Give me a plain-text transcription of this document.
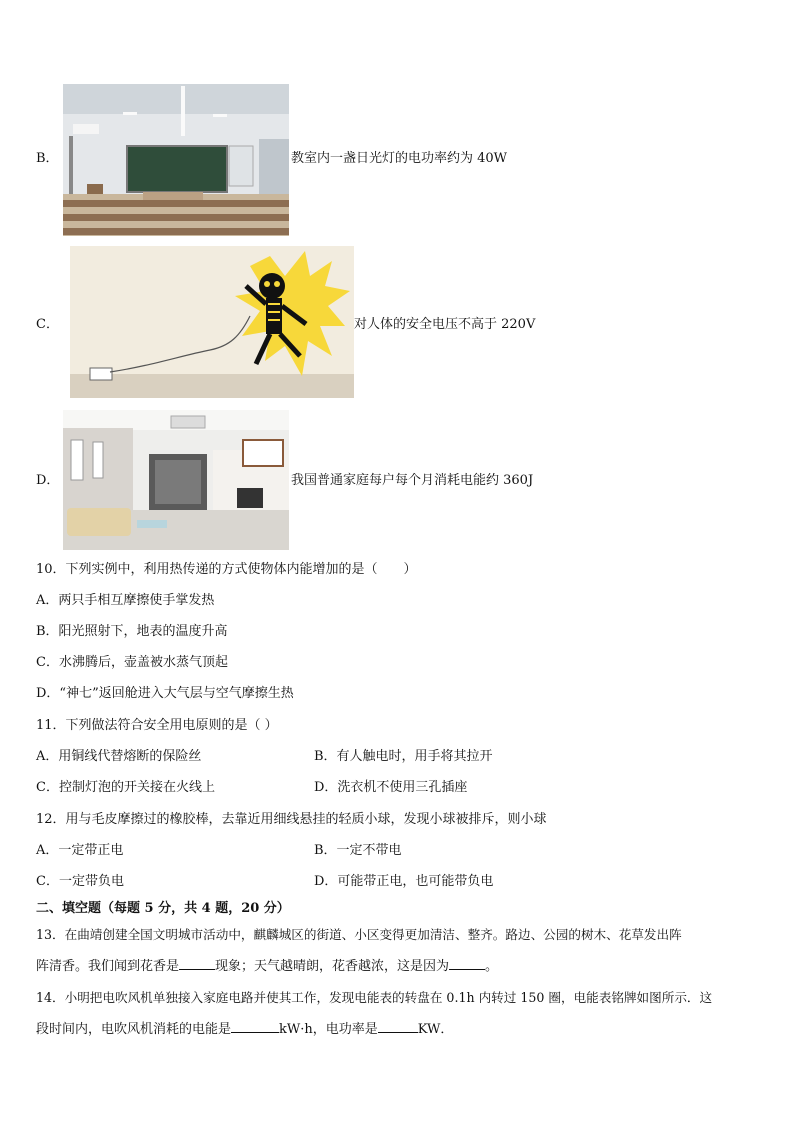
B．	教室内一盏日光灯的电功率约为 40W
C．	对人体的安全电压不高于 220V
D．	我国普通家庭每户每个月消耗电能约 360J
10．下列实例中，利用热传递的方式使物体内能增加的是（　　）
A．两只手相互摩擦使手掌发热
B．阳光照射下，地表的温度升高
C．水沸腾后，壶盖被水蒸气顶起
D．“神七”返回舱进入大气层与空气摩擦生热
11．下列做法符合安全用电原则的是（ ）
A．用铜线代替熔断的保险丝	B．有人触电时，用手将其拉开
C．控制灯泡的开关接在火线上	D．洗衣机不使用三孔插座
12．用与毛皮摩擦过的橡胶棒，去靠近用细线悬挂的轻质小球，发现小球被排斥，则小球
A．一定带正电	B．一定不带电
C．一定带负电	D．可能带正电，也可能带负电
二、填空题（每题 5 分，共 4 题，20 分）
13．在曲靖创建全国文明城市活动中，麒麟城区的街道、小区变得更加清洁、整齐。路边、公园的树木、花草发出阵
阵清香。我们闻到花香是	现象；天气越晴朗，花香越浓，这是因为	。
14．小明把电吹风机单独接入家庭电路并使其工作，发现电能表的转盘在 0.1h 内转过 150 圈，电能表铭牌如图所示．这
段时间内，电吹风机消耗的电能是	kW·h，电功率是	KW．
